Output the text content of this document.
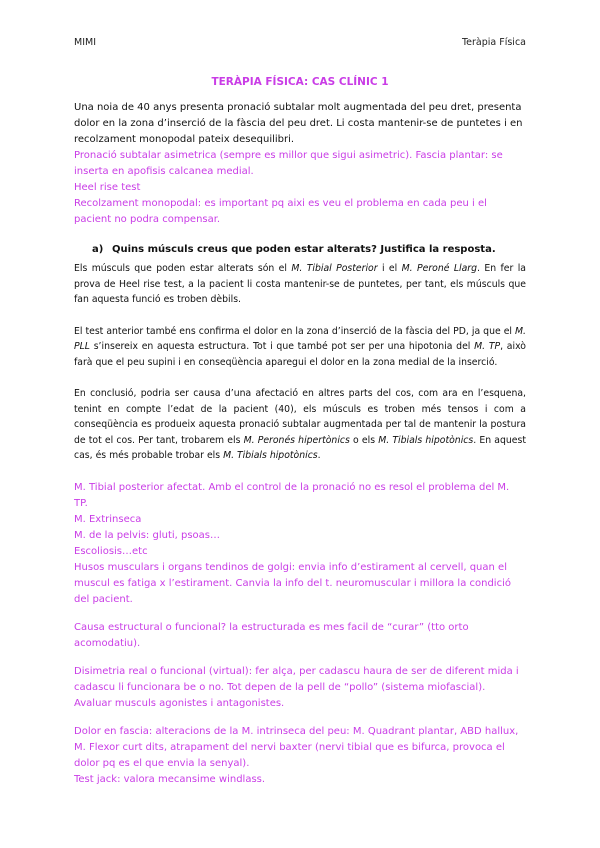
MIMI	Teràpia Física

TERÀPIA FÍSICA: CAS CLÍNIC 1

Una noia de 40 anys presenta pronació subtalar molt augmentada del peu dret, presenta dolor en la zona d’inserció de la fàscia del peu dret. Li costa mantenir-se de puntetes i en recolzament monopodal pateix desequilibri.

Pronació subtalar asimetrica (sempre es millor que sigui asimetric). Fascia plantar: se inserta en apofisis calcanea medial.

Heel rise test

Recolzament monopodal: es important pq aixi es veu el problema en cada peu i el pacient no podra compensar.

a) Quins músculs creus que poden estar alterats? Justifica la resposta.

Els músculs que poden estar alterats són el M. Tibial Posterior i el M. Peroné Llarg. En fer la prova de Heel rise test, a la pacient li costa mantenir-se de puntetes, per tant, els músculs que fan aquesta funció es troben dèbils.

El test anterior també ens confirma el dolor en la zona d’inserció de la fàscia del PD, ja que el M. PLL s’insereix en aquesta estructura. Tot i que també pot ser per una hipotonia del M. TP, això farà que el peu supini i en conseqüència aparegui el dolor en la zona medial de la inserció.

En conclusió, podria ser causa d’una afectació en altres parts del cos, com ara en l’esquena, tenint en compte l’edat de la pacient (40), els músculs es troben més tensos i com a conseqüència es produeix aquesta pronació subtalar augmentada per tal de mantenir la postura de tot el cos. Per tant, trobarem els M. Peronés hipertònics o els M. Tibials hipotònics. En aquest cas, és més probable trobar els M. Tibials hipotònics.

M. Tibial posterior afectat. Amb el control de la pronació no es resol el problema del M. TP.

M. Extrinseca

M. de la pelvis: gluti, psoas…

Escoliosis…etc

Husos musculars i organs tendinos de golgi: envia info d’estirament al cervell, quan el muscul es fatiga x l’estirament. Canvia la info del t. neuromuscular i millora la condició del pacient.

Causa estructural o funcional? la estructurada es mes facil de “curar” (tto orto acomodatiu).

Disimetria real o funcional (virtual): fer alça, per cadascu haura de ser de diferent mida i cadascu li funcionara be o no. Tot depen de la pell de “pollo” (sistema miofascial).

Avaluar musculs agonistes i antagonistes.

Dolor en fascia: alteracions de la M. intrinseca del peu: M. Quadrant plantar, ABD hallux, M. Flexor curt dits, atrapament del nervi baxter (nervi tibial que es bifurca, provoca el dolor pq es el que envia la senyal).

Test jack: valora mecansime windlass.
